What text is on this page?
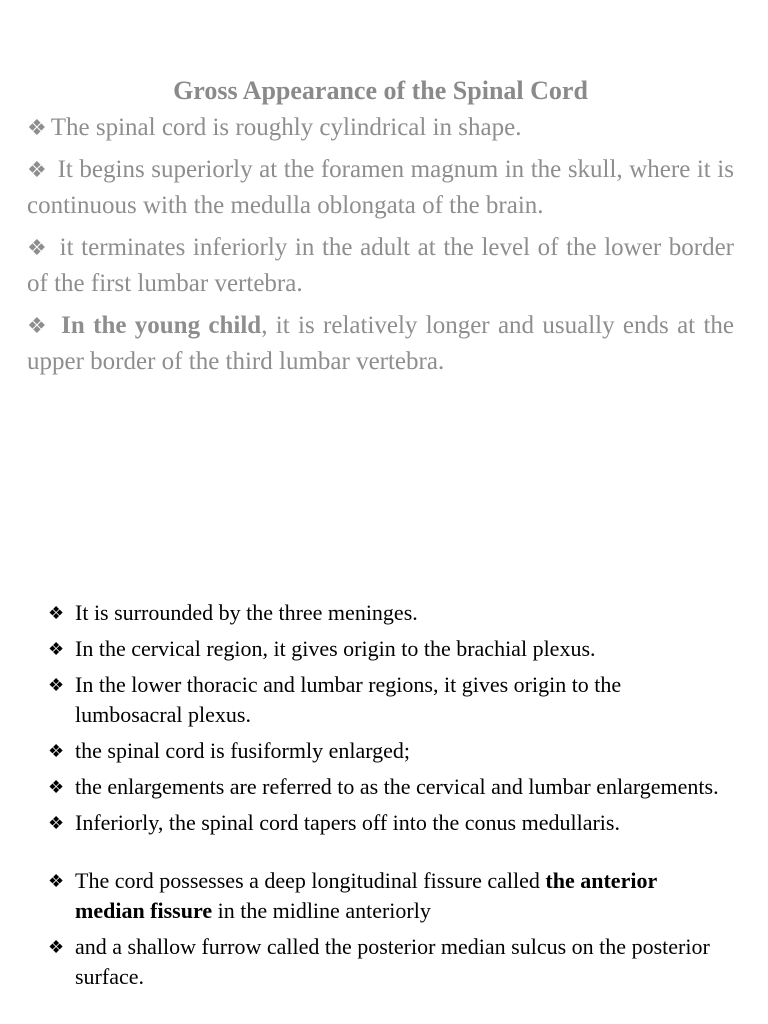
Gross Appearance of the Spinal Cord
❖ The spinal cord is roughly cylindrical in shape.
❖ It begins superiorly at the foramen magnum in the skull, where it is continuous with the medulla oblongata of the brain.
❖ it terminates inferiorly in the adult at the level of the lower border of the first lumbar vertebra.
❖ In the young child, it is relatively longer and usually ends at the upper border of the third lumbar vertebra.
❖ It is surrounded by the three meninges.
❖ In the cervical region, it gives origin to the brachial plexus.
❖ In the lower thoracic and lumbar regions, it gives origin to the lumbosacral plexus.
❖ the spinal cord is fusiformly enlarged;
❖ the enlargements are referred to as the cervical and lumbar enlargements.
❖ Inferiorly, the spinal cord tapers off into the conus medullaris.
❖ The cord possesses a deep longitudinal fissure called the anterior median fissure in the midline anteriorly
❖ and a shallow furrow called the posterior median sulcus on the posterior surface.
